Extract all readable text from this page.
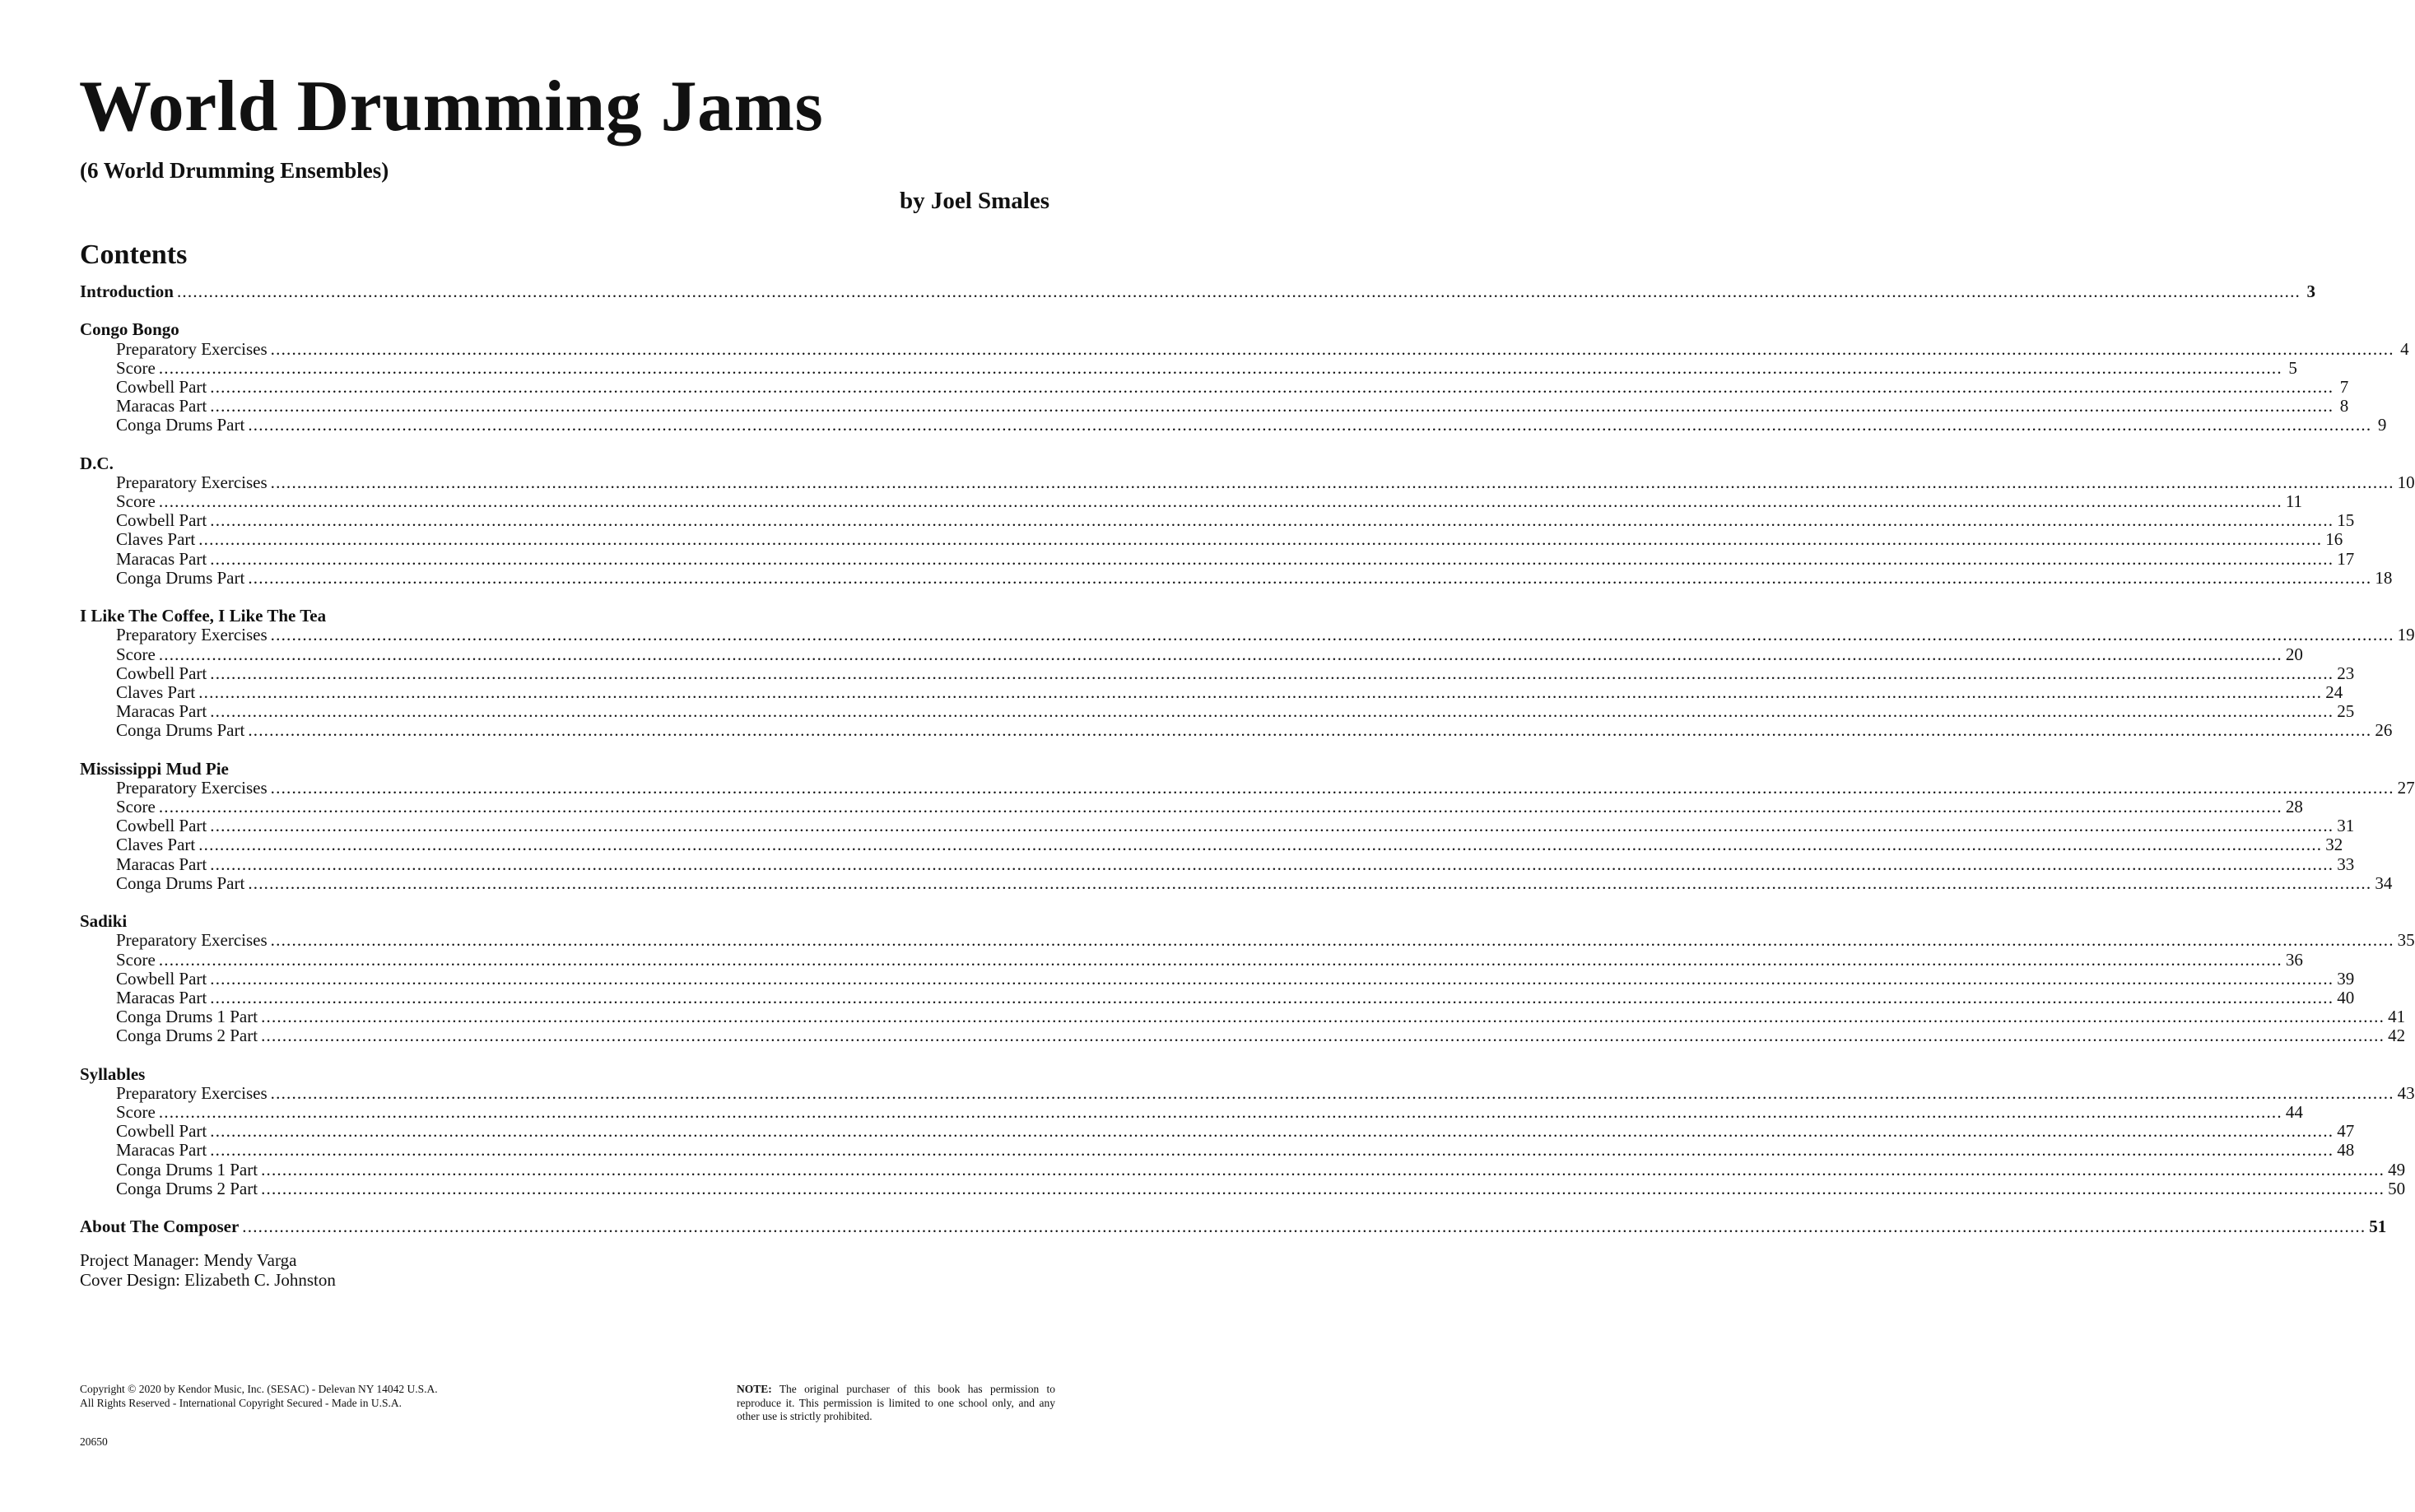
World Drumming Jams
(6 World Drumming Ensembles)
by Joel Smales
Contents
Introduction ................................................................................................................................................................................................................................................................................................................................................................................................................ 3
Congo Bongo
Preparatory Exercises ................................................................................................................................................................................................................................................................................................................................................................................................................ 4
Score ................................................................................................................................................................................................................................................................................................................................................................................................................ 5
Cowbell Part ................................................................................................................................................................................................................................................................................................................................................................................................................ 7
Maracas Part ................................................................................................................................................................................................................................................................................................................................................................................................................ 8
Conga Drums Part ................................................................................................................................................................................................................................................................................................................................................................................................................ 9
D.C.
Preparatory Exercises ................................................................................................................................................................................................................................................................................................................................................................................................................ 10
Score ................................................................................................................................................................................................................................................................................................................................................................................................................ 11
Cowbell Part ................................................................................................................................................................................................................................................................................................................................................................................................................ 15
Claves Part ................................................................................................................................................................................................................................................................................................................................................................................................................ 16
Maracas Part ................................................................................................................................................................................................................................................................................................................................................................................................................ 17
Conga Drums Part ................................................................................................................................................................................................................................................................................................................................................................................................................ 18
I Like The Coffee, I Like The Tea
Preparatory Exercises ................................................................................................................................................................................................................................................................................................................................................................................................................ 19
Score ................................................................................................................................................................................................................................................................................................................................................................................................................ 20
Cowbell Part ................................................................................................................................................................................................................................................................................................................................................................................................................ 23
Claves Part ................................................................................................................................................................................................................................................................................................................................................................................................................ 24
Maracas Part ................................................................................................................................................................................................................................................................................................................................................................................................................ 25
Conga Drums Part ................................................................................................................................................................................................................................................................................................................................................................................................................ 26
Mississippi Mud Pie
Preparatory Exercises ................................................................................................................................................................................................................................................................................................................................................................................................................ 27
Score ................................................................................................................................................................................................................................................................................................................................................................................................................ 28
Cowbell Part ................................................................................................................................................................................................................................................................................................................................................................................................................ 31
Claves Part ................................................................................................................................................................................................................................................................................................................................................................................................................ 32
Maracas Part ................................................................................................................................................................................................................................................................................................................................................................................................................ 33
Conga Drums Part ................................................................................................................................................................................................................................................................................................................................................................................................................ 34
Sadiki
Preparatory Exercises ................................................................................................................................................................................................................................................................................................................................................................................................................ 35
Score ................................................................................................................................................................................................................................................................................................................................................................................................................ 36
Cowbell Part ................................................................................................................................................................................................................................................................................................................................................................................................................ 39
Maracas Part ................................................................................................................................................................................................................................................................................................................................................................................................................ 40
Conga Drums 1 Part ................................................................................................................................................................................................................................................................................................................................................................................................................ 41
Conga Drums 2 Part ................................................................................................................................................................................................................................................................................................................................................................................................................ 42
Syllables
Preparatory Exercises ................................................................................................................................................................................................................................................................................................................................................................................................................ 43
Score ................................................................................................................................................................................................................................................................................................................................................................................................................ 44
Cowbell Part ................................................................................................................................................................................................................................................................................................................................................................................................................ 47
Maracas Part ................................................................................................................................................................................................................................................................................................................................................................................................................ 48
Conga Drums 1 Part ................................................................................................................................................................................................................................................................................................................................................................................................................ 49
Conga Drums 2 Part ................................................................................................................................................................................................................................................................................................................................................................................................................ 50
About The Composer ................................................................................................................................................................................................................................................................................................................................................................................................................ 51
Project Manager: Mendy Varga
Cover Design: Elizabeth C. Johnston
Copyright © 2020 by Kendor Music, Inc. (SESAC) - Delevan NY 14042 U.S.A.
All Rights Reserved - International Copyright Secured - Made in U.S.A.
NOTE: The original purchaser of this book has permission to reproduce it. This permission is limited to one school only, and any other use is strictly prohibited.
20650
